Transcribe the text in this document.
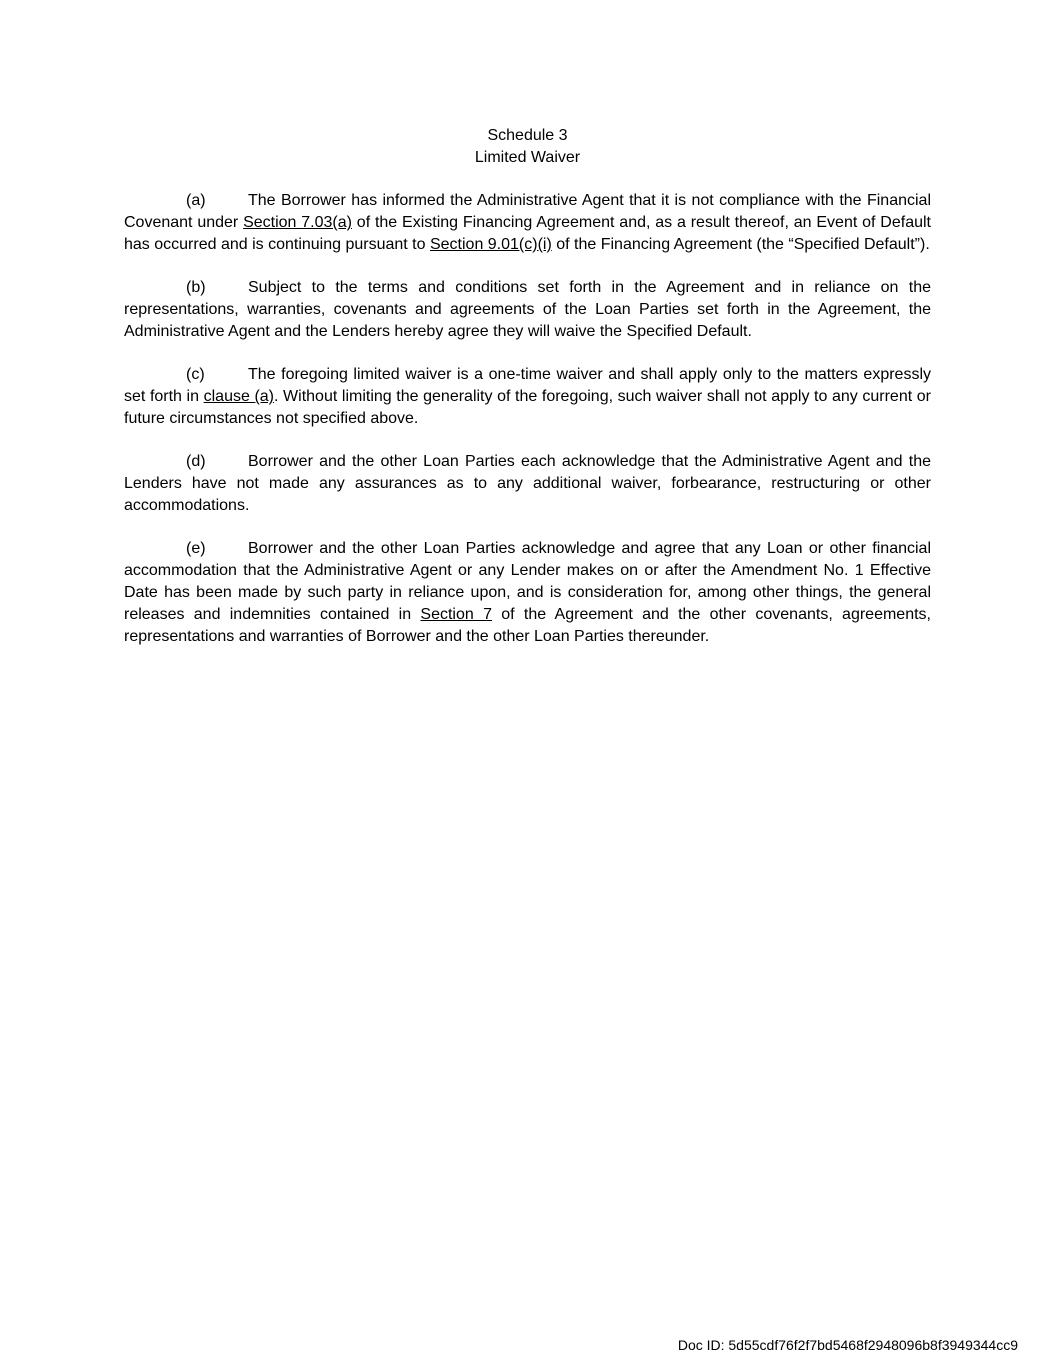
Schedule 3
Limited Waiver

(a)	The Borrower has informed the Administrative Agent that it is not compliance with the Financial Covenant under Section 7.03(a) of the Existing Financing Agreement and, as a result thereof, an Event of Default has occurred and is continuing pursuant to Section 9.01(c)(i) of the Financing Agreement (the “Specified Default”).

(b)	Subject to the terms and conditions set forth in the Agreement and in reliance on the representations, warranties, covenants and agreements of the Loan Parties set forth in the Agreement, the Administrative Agent and the Lenders hereby agree they will waive the Specified Default.

(c)	The foregoing limited waiver is a one-time waiver and shall apply only to the matters expressly set forth in clause (a). Without limiting the generality of the foregoing, such waiver shall not apply to any current or future circumstances not specified above.

(d)	Borrower and the other Loan Parties each acknowledge that the Administrative Agent and the Lenders have not made any assurances as to any additional waiver, forbearance, restructuring or other accommodations.

(e)	Borrower and the other Loan Parties acknowledge and agree that any Loan or other financial accommodation that the Administrative Agent or any Lender makes on or after the Amendment No. 1 Effective Date has been made by such party in reliance upon, and is consideration for, among other things, the general releases and indemnities contained in Section 7 of the Agreement and the other covenants, agreements, representations and warranties of Borrower and the other Loan Parties thereunder.

Doc ID: 5d55cdf76f2f7bd5468f2948096b8f3949344cc9
